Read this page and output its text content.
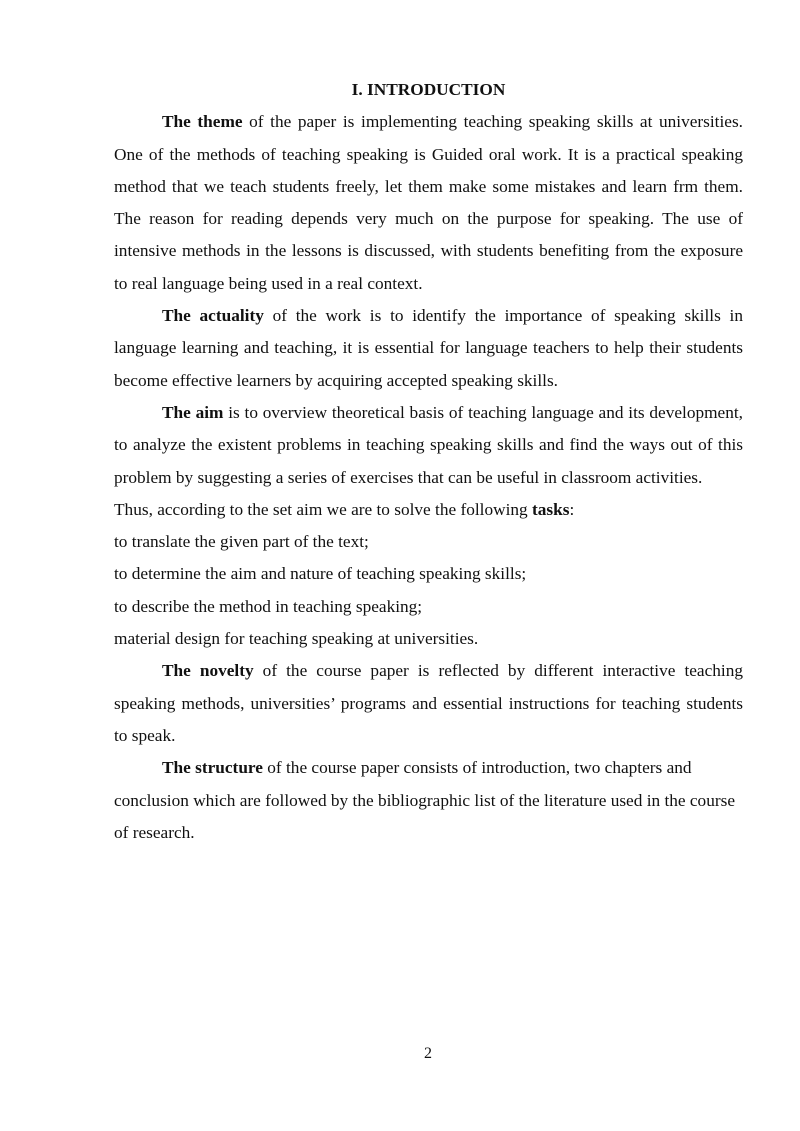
I. INTRODUCTION

The theme of the paper is implementing teaching speaking skills at universities. One of the methods of teaching speaking is Guided oral work. It is a practical speaking method that we teach students freely, let them make some mistakes and learn frm them. The reason for reading depends very much on the purpose for speaking. The use of intensive methods in the lessons is discussed, with students benefiting from the exposure to real language being used in a real context.

The actuality of the work is to identify the importance of speaking skills in language learning and teaching, it is essential for language teachers to help their students become effective learners by acquiring accepted speaking skills.

The aim is to overview theoretical basis of teaching language and its development, to analyze the existent problems in teaching speaking skills and find the ways out of this problem by suggesting a series of exercises that can be useful in classroom activities.

Thus, according to the set aim we are to solve the following tasks:

to translate the given part of the text;

to determine the aim and nature of teaching speaking skills;

to describe the method in teaching speaking;

material design for teaching speaking at universities.

The novelty of the course paper is reflected by different interactive teaching speaking methods, universities’ programs and essential instructions for teaching students to speak.

The structure of the course paper consists of introduction, two chapters and conclusion which are followed by the bibliographic list of the literature used in the course of research.

2
